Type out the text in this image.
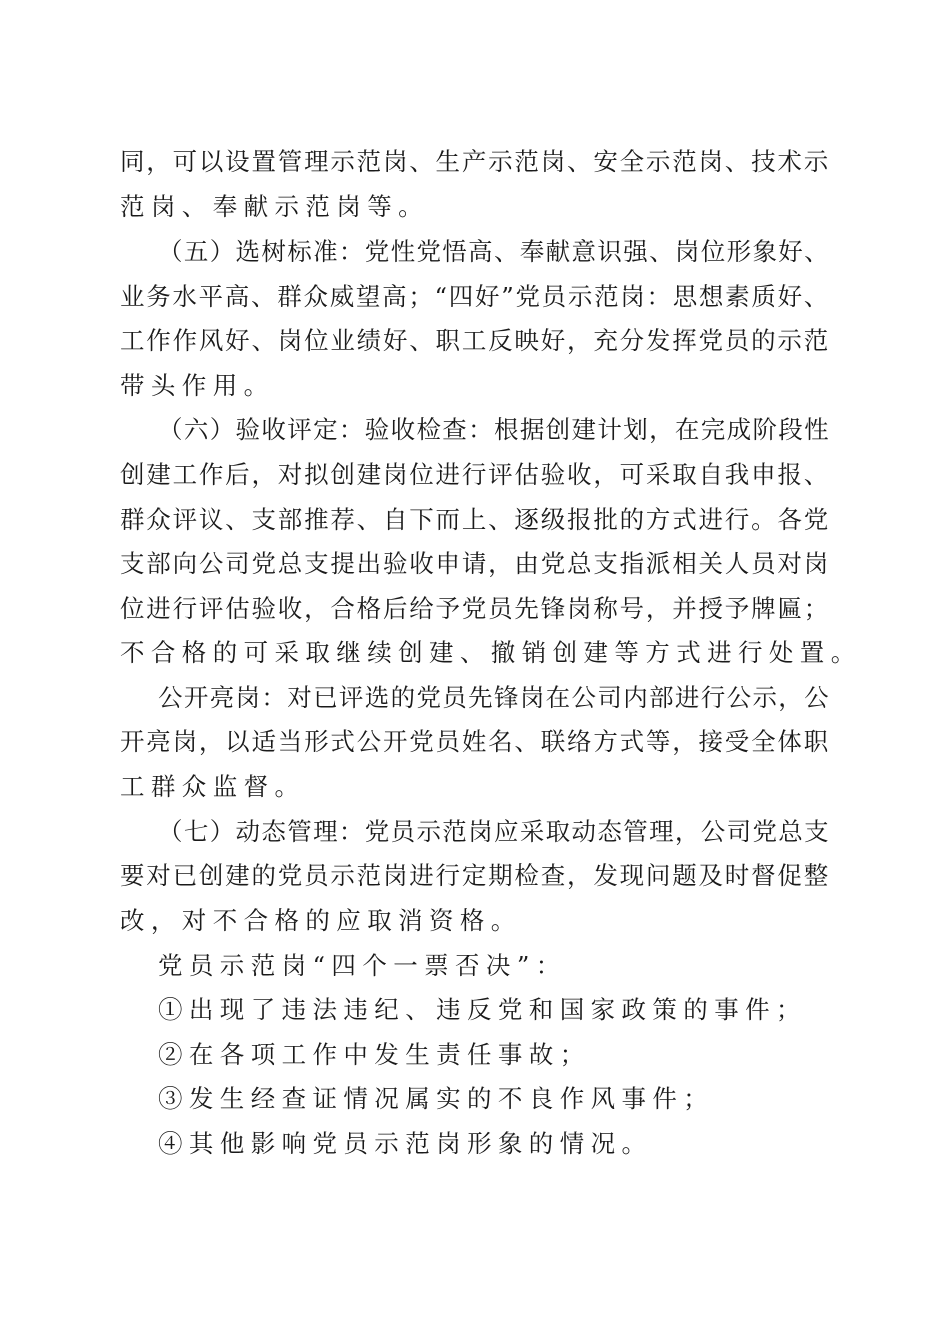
同，可以设置管理示范岗、生产示范岗、安全示范岗、技术示
范岗、奉献示范岗等。
（五）选树标准：党性党悟高、奉献意识强、岗位形象好、
业务水平高、群众威望高；“四好”党员示范岗：思想素质好、
工作作风好、岗位业绩好、职工反映好，充分发挥党员的示范
带头作用。
（六）验收评定：验收检查：根据创建计划，在完成阶段性
创建工作后，对拟创建岗位进行评估验收，可采取自我申报、
群众评议、支部推荐、自下而上、逐级报批的方式进行。各党
支部向公司党总支提出验收申请，由党总支指派相关人员对岗
位进行评估验收，合格后给予党员先锋岗称号，并授予牌匾；
不合格的可采取继续创建、撤销创建等方式进行处置。
公开亮岗：对已评选的党员先锋岗在公司内部进行公示，公
开亮岗，以适当形式公开党员姓名、联络方式等，接受全体职
工群众监督。
（七）动态管理：党员示范岗应采取动态管理，公司党总支
要对已创建的党员示范岗进行定期检查，发现问题及时督促整
改，对不合格的应取消资格。
党员示范岗“四个一票否决”：
①出现了违法违纪、违反党和国家政策的事件；
②在各项工作中发生责任事故；
③发生经查证情况属实的不良作风事件；
④其他影响党员示范岗形象的情况。
